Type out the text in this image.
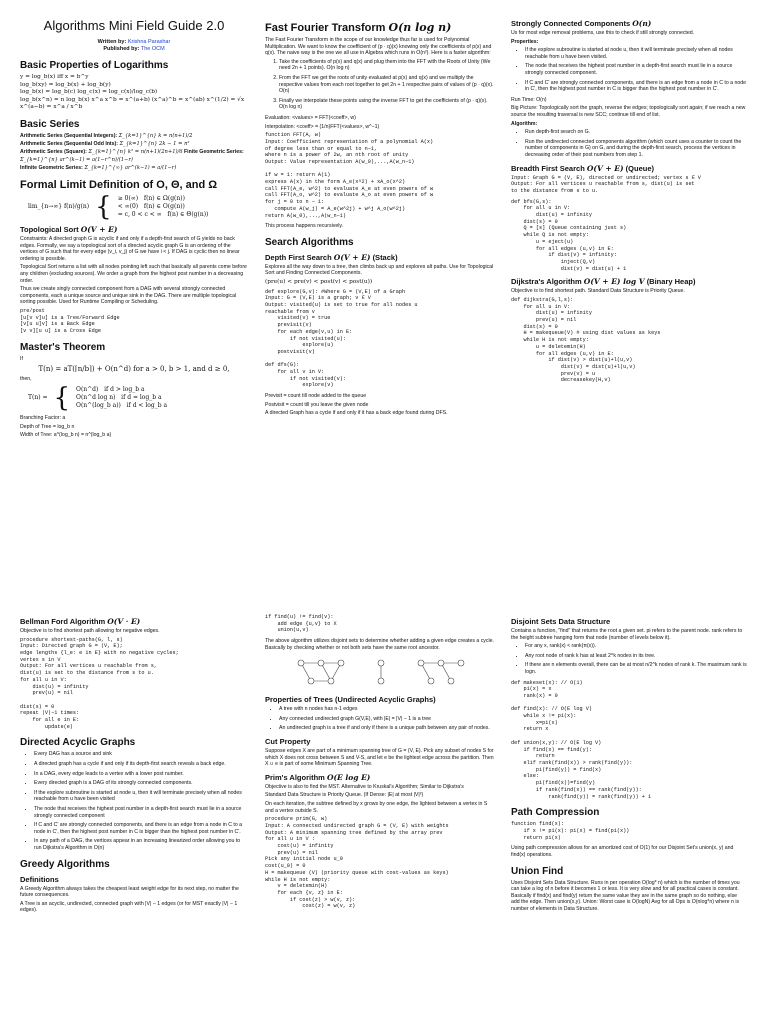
Algorithms Mini Field Guide 2.0
Written by: Krishna Parashar
Published by: The OCM
Basic Properties of Logarithms
y = log_b(x) iff x = b^y
log_b(xy) = log_b(x) + log_b(y)
log_b(x) = log_b(c) log_c(x) = log_c(x)/log_c(b)
log_b(x^n) = n log_b(x) x^a x^b = x^(a+b) (x^a)^b = x^(ab) x^(1/2) = √x
x^(a−b) = x^a / x^b
Basic Series
Arithmetic Series (Sequential Integers): Σ_{k=1}^{n} k = n(n+1)/2
Arithmetic Series (Sequential Odd Ints): Σ_{k=1}^{n} 2k − 1 = n²
Arithmetic Series (Square): Σ_{k=1}^{n} k² = n(n+1)(2n+1)/6 Finite Geometric Series:
Σ_{k=1}^{n} ar^(k−1) = a(1−r^n)/(1−r)
Infinite Geometric Series: Σ_{k=1}^{∞} ar^(k−1) = a/(1−r)
Formal Limit Definition of O, Θ, and Ω
lim_{n→∞} f(n)/g(n) { ≥ 0(∞) f(n) ∈ Ω(g(n))
< ∞(0) f(n) ∈ O(g(n))
= c, 0 < c < ∞ f(n) ∈ Θ(g(n))
Topological Sort O(V + E)

Constraints: A directed graph G is acyclic if and only if a depth-first search of G yields no back edges. Formally, we say a topological sort of a directed acyclic graph G is an ordering of the vertices of G such that for every edge (v_i, v_j) of G we have i < j. If DAG is cyclic then no linear ordering is possible.

Topological Sort returns a list with all nodes pointing left such that basically all parents come before any children (excluding sources). We order a graph from the highest post number in a decreasing order.

Thus we create singly connected component from a DAG with several strongly connected components, each a unique source and unique sink in the DAG. There are multiple topological sorting possible. Used for Runtime Compiling or Scheduling.

pre/post
[u[v v]u] is a Tree/Forward Edge
[v[u u]v] is a Back Edge
[v v][u u] is a Cross Edge
Master's Theorem

If

T(n) = aT(⌈n/b⌉) + O(n^d) for a > 0, b > 1, and d ≥ 0,

then,

T(n) = { O(n^d) if d > log_b a
O(n^d log n) if d = log_b a
O(n^(log_b a)) if d < log_b a

Branching Factor: a

Depth of Tree = log_b n

Width of Tree: a^(log_b n) = n^(log_b a)

Fast Fourier Transform O(n log n)

The Fast Fourier Transform in the scope of our knowledge thus far is used for Polynomial Multiplication. We want to know the coefficient of (p · q)(x) knowing only the coefficients of p(x) and q(x). The naive way is the one we all use in Algebra which runs in O(n²). Here is a faster algorithm:

1. Take the coefficients of p(x) and q(x) and plug them into the FFT with the Roots of Unity (We need 2n + 1 points). O(n log n)
2. From the FFT we get the roots of unity evaluated at p(x) and q(x) and we multiply the respective values from each root together to get 2n + 1 respective pairs of values of (p · q)(x). O(n)
3. Finally we interpolate these points using the inverse FFT to get the coefficients of (p · q)(x). O(n log n)

Evaluation: <values> = FFT(<coeff>, w)

Interpolation: <coeff> = (1/n)FFT(<values>, w^−1)

function FFT(A, w)
Input: Coefficient representation of a polynomial A(x)
of degree less than or equal to n−1,
where n is a power of 2w, an nth root of unity
Output: Value representation A(w_0),...,A(w_n−1)

if w = 1: return A(1)
express A(x) in the form A_e(x^2) + xA_o(x^2)
call FFT(A_e, w^2) to evaluate A_e at even powers of w
call FFT(A_o, w^2) to evaluate A_o at even powers of w
for j = 0 to n − 1:
compute A(w_j) = A_e(w^2j) + w^j A_o(w^2j)
return A(w_0),...,A(w_n−1)

This process happens recursively.

Search Algorithms
Depth First Search O(V + E) (Stack)

Explores all the way down to a tree, then climbs back up and explores alt paths. Use for Topological Sort and Finding Connected Components.

(pre(u) < pre(v) < post(v) < post(u))
def explore(G,v): #Where G = (V,E) of a Graph
Input: G = (V,E) is a graph; v ∈ V
Output: visited(u) is set to true for all nodes u
reachable from v
visited(v) = true
previsit(v)
for each edge(v,u) in E:
if not visited(u):
explore(u)
postvisit(v)

def dfs(G):
for all v in V:
if not visited(v):
explore(v)

Previsit = count till node added to the queue

Postvisit = count till you leave the given node

A directed Graph has a cycle if and only if it has a back edge found during DFS.

Strongly Connected Components O(n)

Us for most edge removal problems, use this to check if still strongly connected.

Properties:

• If the explore subroutine is started at node u, then it will terminate precisely when all nodes reachable from u have been visited.
• The node that receives the highest post number in a depth-first search must lie in a source strongly connected component.
• If C and C' are strongly connected components, and there is an edge from a node in C to a node in C', then the highest post number in C is bigger than the highest post number in C'.

Run Time: O(n)

Big Picture: Topologically sort the graph, reverse the edges; topologically sort again; if we reach a new source the resulting traversal is new SCC; continue till end of list.

Algorithm:

• Run depth-first search on G.
• Run the undirected connected components algorithm (which count uses a counter to count the number of components in G) on G, and during the depth-first search, process the vertices in decreasing order of their post numbers from step 1.
Breadth First Search O(V + E) (Queue)
Input: Graph G = (V, E), directed or undirected; vertex s ∈ V
Output: For all vertices u reachable from s, dist(u) is set
to the distance from s to u.
def bfs(G,s):
for all u in V:
dist(u) = infinity
dist(s) = 0
Q = [s] (Queue containing just s)
while Q is not empty:
u = eject(u)
for all edges (u,v) in E:
if dist(v) = infinity:
inject(Q,v)
dist(v) = dist(u) + 1
Dijkstra's Algorithm O(V + E) log V (Binary Heap)

Objective is to find shortest path. Standard Data Structure is Priority Queue.

def dijkstra(G,l,s):
for all u in V:
dist(u) = infinity
prev(u) = nil
dist(s) = 0
H = makequeue(V) # using dist values as keys
while H is not empty:
u = deletemin(H)
for all edges (u,v) in E:
if dist(v) > dist(u)+l(u,v)
dist(v) = dist(u)+l(u,v)
prev(v) = u
decreasekey(H,v)
Bellman Ford Algorithm O(V · E)

Objective is to find shortest path allowing for negative edges.

procedure shortest-paths(G, l, s)
Input: Directed graph G = (V, E);
edge lengths {l_e: e in E} with no negative cycles;
vertex s in V
Output: For all vertices u reachable from s,
dist(u) is set to the distance from s to u.
for all u in V:
dist(u) = infinity
prev(u) = nil

dist(s) = 0
repeat |V|−1 times:
for all e in E:
update(e)
Directed Acyclic Graphs
• Every DAG has a source and sink
• A directed graph has a cycle if and only if its depth-first search reveals a back edge.
• In a DAG, every edge leads to a vertex with a lower post number.
• Every directed graph is a DAG of its strongly connected components.
• If the explore subroutine is started at node u, then it will terminate precisely when all nodes reachable from u have been visited
• The node that receives the highest post number in a depth-first search must lie in a source strongly connected component
• If C and C' are strongly connected components, and there is an edge from a node in C to a node in C', then the highest post number in C is bigger than the highest post number in C'.
• In any path of a DAG, the vertices appear in an increasing linearized order allowing you to run Dijkstra's Algorithm in O(n)
Greedy Algorithms
Definitions

A Greedy Algorithm always takes the cheapest least weight edge for its next step, no matter the future consequences.

A Tree is an acyclic, undirected, connected graph with |V| − 1 edges (or for MST exactly |V| − 1 edges).

if find(u) != find(v):
add edge {u,v} to X
union(u,v)

The above algorithm utilizes disjoint sets to determine whether adding a given edge creates a cycle. Basically by checking whether or not both sets have the same root ancestor.

Properties of Trees (Undirected Acyclic Graphs)
• A tree with n nodes has n-1 edges
• Any connected undirected graph G(V,E), with |E| = |V| − 1 is a tree
• An undirected graph is a tree if and only if there is a unique path between any pair of nodes.
Cut Property

Suppose edges X are part of a minimum spanning tree of G = (V, E). Pick any subset of nodes S for which X does not cross between S and V-S, and let e be the lightest edge across the partition. Then X ∪ e is part of some Minimum Spanning Tree.

Prim's Algorithm O(E log E)

Objective is also to find the MST. Alternative to Kruskal's Algorithm; Similar to Dijkstra's

Standard Data Structure is Priority Queue. (If Dense: |E| at most |V|²)

On each iteration, the subtree defined by x grows by one edge, the lightest between a vertex in S and a vertex outside S.

procedure prim(G, w)
Input: A connected undirected graph G = (V, E) with weights
Output: A minimum spanning tree defined by the array prev
for all u in V :
cost(u) = infinity
prev(u) = nil
Pick any initial node u_0
cost(u_0) = 0
H = makequeue (V) (priority queue with cost-values as keys)
while H is not empty:
v = deletemin(H)
for each {v, z} in E:
if cost(z) > w(v, z):
cost(z) = w(v, z)
Disjoint Sets Data Structure

Contains a function, "find" that returns the root a given set. pi refers to the parent node. rank refers to the height subtree hanging form that node (number of levels below it).

• For any x, rank(x) < rank(π(x)).
• Any root node of rank k has at least 2^k nodes in its tree.
• If there are n elements overall, there can be at most n/2^k nodes of rank k. The maximum rank is logn.
def makeset(x): // O(1)
pi(x) = x
rank(x) = 0

def find(x): // O(E log V)
while x != pi(x):
x=pi(x)
return x

def union(x,y): // O(E log V)
if find(x) == find(y):
return
elif rank(find(x)) > rank(find(y)):
pi(find(y)) = find(x)
else:
pi(find(x))=find(y)
if rank(find(x)) == rank(find(y)):
rank(find(y)) = rank(find(y)) + 1
Path Compression
function find(x):
if x != pi(x): pi(x) = find(pi(x))
return pi(x)

Using path compression allows for an amortized cost of O(1) for our Disjoint Set's union(x, y) and find(x) operations.

Union Find

Uses Disjoint Sets Data Structure. Runs in per operation O(log* n) which is the number of times you can take a log of n before it becomes 1 or less. It is very slow and for all practical cases is constant. Basically if find(x) and find(y) return the same value they are in the same graph so do nothing, else add the edge. Then union(x,y). Union: Worst case is O(logN) Avg for all Ops is O(nlog*n) where n is number of elements in Data Structure.
